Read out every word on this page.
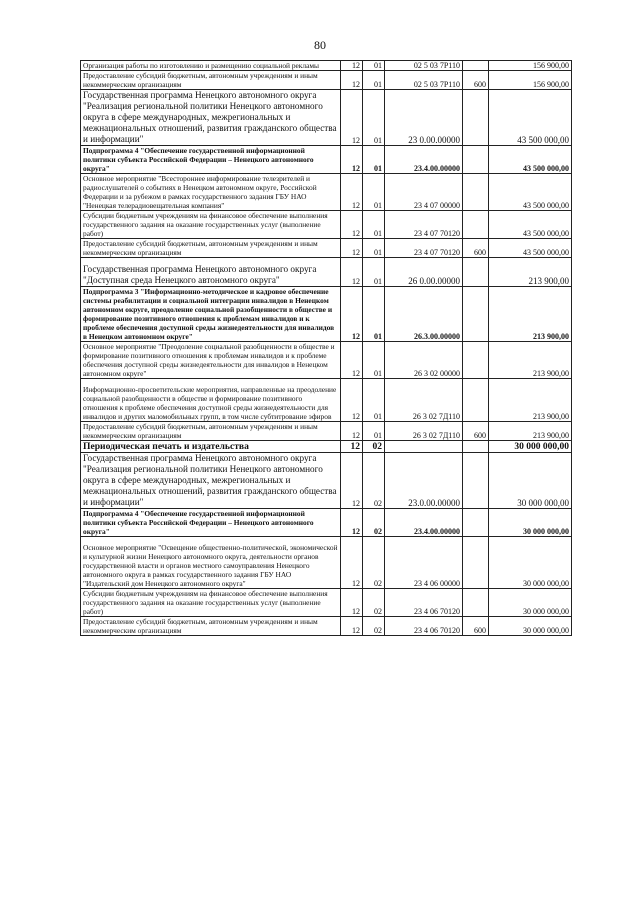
80
Организация работы по изготовлению и размещению социальной рекламы	12	01	02 5 03 7Р110		156 900,00
Предоставление субсидий бюджетным, автономным учреждениям и иным некоммерческим организациям	12	01	02 5 03 7Р110	600	156 900,00
Государственная программа Ненецкого автономного округа "Реализация региональной политики Ненецкого автономного округа в сфере международных, межрегиональных и межнациональных отношений, развития гражданского общества и информации"	12	01	23 0.00.00000		43 500 000,00
Подпрограмма 4 "Обеспечение государственной информационной политики субъекта Российской Федерации – Ненецкого автономного округа"	12	01	23.4.00.00000		43 500 000,00
Основное мероприятие "Всестороннее информирование телезрителей и радиослушателей о событиях в Ненецком автономном округе, Российской Федерации и за рубежом в рамках государственного задания ГБУ НАО "Ненецкая телерадиовещательная компания"	12	01	23 4 07 00000		43 500 000,00
Субсидии бюджетным учреждениям на финансовое обеспечение выполнения государственного задания на оказание государственных услуг (выполнение работ)	12	01	23 4 07 70120		43 500 000,00
Предоставление субсидий бюджетным, автономным учреждениям и иным некоммерческим организациям	12	01	23 4 07 70120	600	43 500 000,00
Государственная программа Ненецкого автономного округа "Доступная среда Ненецкого автономного округа"	12	01	26 0.00.00000		213 900,00
Подпрограмма 3 "Информационно-методическое и кадровое обеспечение системы реабилитации и социальной интеграции инвалидов в Ненецком автономном округе, преодоление социальной разобщенности в обществе и формирование позитивного отношения к проблемам инвалидов и к проблеме обеспечения доступной среды жизнедеятельности для инвалидов в Ненецком автономном округе"	12	01	26.3.00.00000		213 900,00
Основное мероприятие "Преодоление социальной разобщенности в обществе и формирование позитивного отношения к проблемам инвалидов и к проблеме обеспечения доступной среды жизнедеятельности для инвалидов в Ненецком автономном округе"	12	01	26 3 02 00000		213 900,00
Информационно-просветительские мероприятия, направленные на преодоление социальной разобщенности в обществе и формирование позитивного отношения к проблеме обеспечения доступной среды жизнедеятельности для инвалидов и других маломобильных групп, в том числе субтитрование эфиров	12	01	26 3 02 7Д110		213 900,00
Предоставление субсидий бюджетным, автономным учреждениям и иным некоммерческим организациям	12	01	26 3 02 7Д110	600	213 900,00
Периодическая печать и издательства	12	02			30 000 000,00
Государственная программа Ненецкого автономного округа "Реализация региональной политики Ненецкого автономного округа в сфере международных, межрегиональных и межнациональных отношений, развития гражданского общества и информации"	12	02	23.0.00.00000		30 000 000,00
Подпрограмма 4 "Обеспечение государственной информационной политики субъекта Российской Федерации – Ненецкого автономного округа"	12	02	23.4.00.00000		30 000 000,00
Основное мероприятие "Освещение общественно-политической, экономической и культурной жизни Ненецкого автономного округа, деятельности органов государственной власти и органов местного самоуправления Ненецкого автономного округа в рамках государственного задания ГБУ НАО "Издательский дом Ненецкого автономного округа"	12	02	23 4 06 00000		30 000 000,00
Субсидии бюджетным учреждениям на финансовое обеспечение выполнения государственного задания на оказание государственных услуг (выполнение работ)	12	02	23 4 06 70120		30 000 000,00
Предоставление субсидий бюджетным, автономным учреждениям и иным некоммерческим организациям	12	02	23 4 06 70120	600	30 000 000,00
